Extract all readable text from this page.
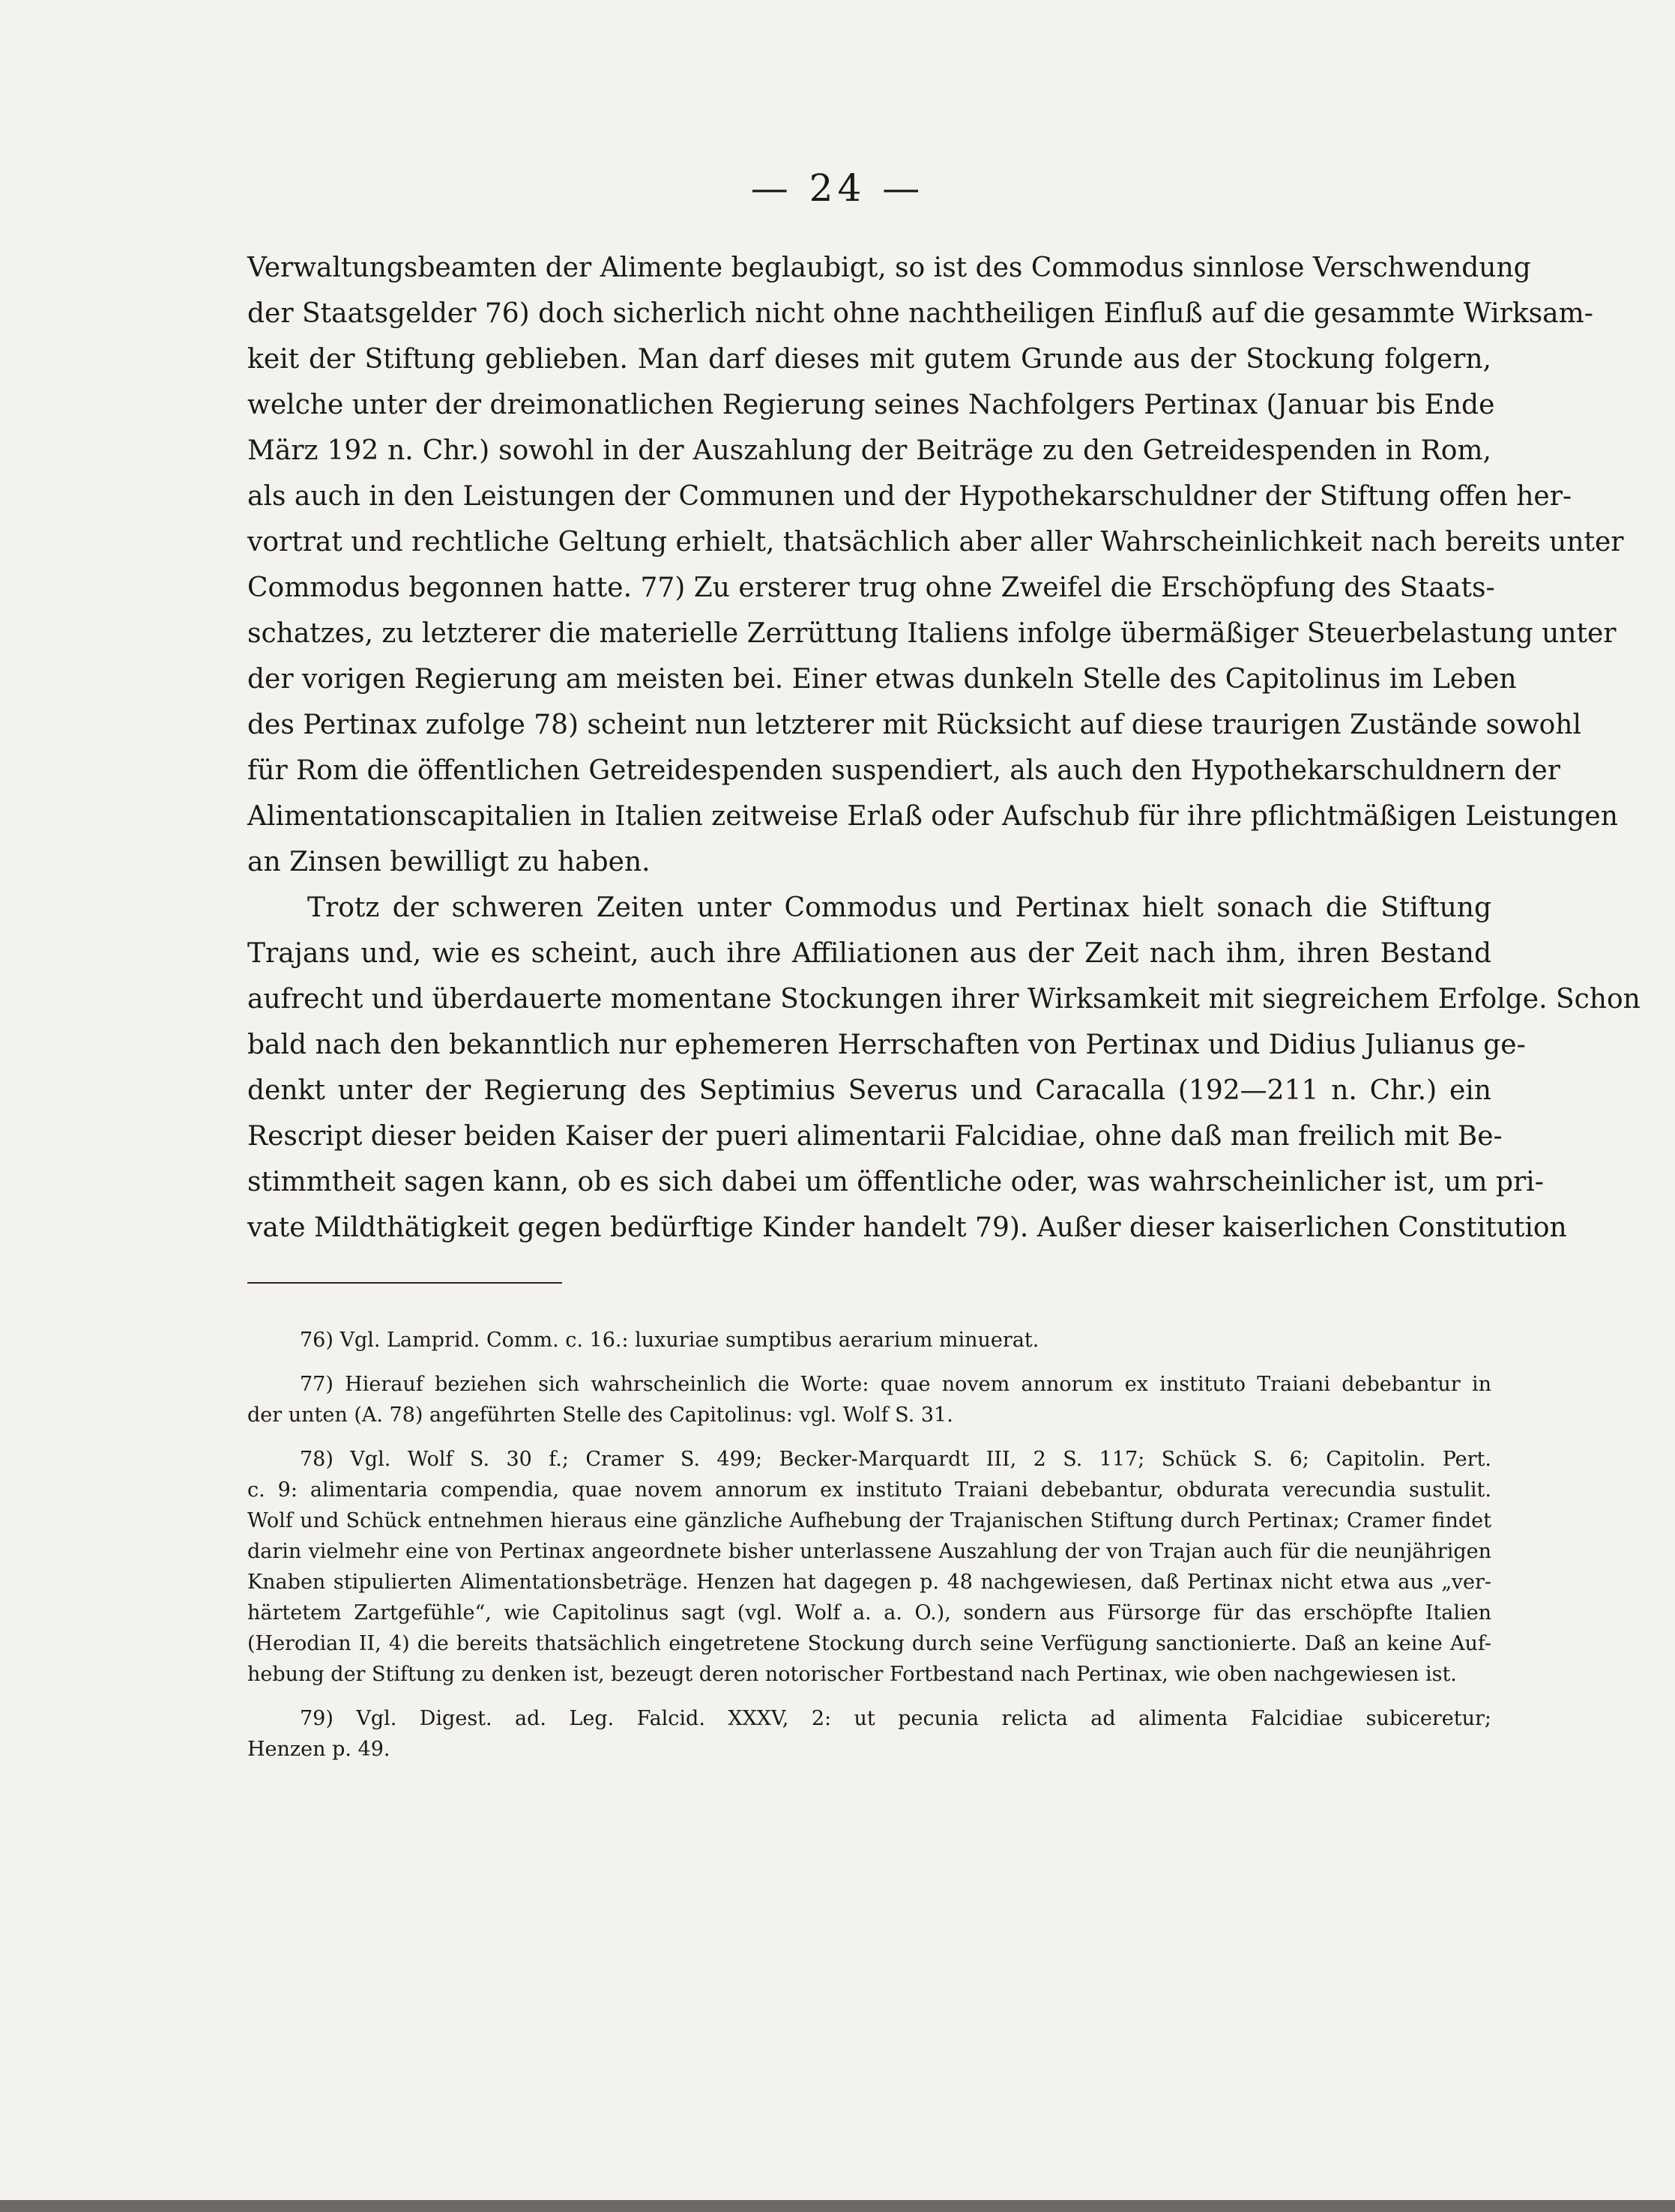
— 24 —
Verwaltungsbeamten der Alimente beglaubigt, so ist des Commodus sinnlose Verschwendung
der Staatsgelder 76) doch sicherlich nicht ohne nachtheiligen Einfluß auf die gesammte Wirksam-
keit der Stiftung geblieben. Man darf dieses mit gutem Grunde aus der Stockung folgern,
welche unter der dreimonatlichen Regierung seines Nachfolgers Pertinax (Januar bis Ende
März 192 n. Chr.) sowohl in der Auszahlung der Beiträge zu den Getreidespenden in Rom,
als auch in den Leistungen der Communen und der Hypothekarschuldner der Stiftung offen her-
vortrat und rechtliche Geltung erhielt, thatsächlich aber aller Wahrscheinlichkeit nach bereits unter
Commodus begonnen hatte. 77) Zu ersterer trug ohne Zweifel die Erschöpfung des Staats-
schatzes, zu letzterer die materielle Zerrüttung Italiens infolge übermäßiger Steuerbelastung unter
der vorigen Regierung am meisten bei. Einer etwas dunkeln Stelle des Capitolinus im Leben
des Pertinax zufolge 78) scheint nun letzterer mit Rücksicht auf diese traurigen Zustände sowohl
für Rom die öffentlichen Getreidespenden suspendiert, als auch den Hypothekarschuldnern der
Alimentationscapitalien in Italien zeitweise Erlaß oder Aufschub für ihre pflichtmäßigen Leistungen
an Zinsen bewilligt zu haben.
Trotz der schweren Zeiten unter Commodus und Pertinax hielt sonach die Stiftung
Trajans und, wie es scheint, auch ihre Affiliationen aus der Zeit nach ihm, ihren Bestand
aufrecht und überdauerte momentane Stockungen ihrer Wirksamkeit mit siegreichem Erfolge. Schon
bald nach den bekanntlich nur ephemeren Herrschaften von Pertinax und Didius Julianus ge-
denkt unter der Regierung des Septimius Severus und Caracalla (192—211 n. Chr.) ein
Rescript dieser beiden Kaiser der pueri alimentarii Falcidiae, ohne daß man freilich mit Be-
stimmtheit sagen kann, ob es sich dabei um öffentliche oder, was wahrscheinlicher ist, um pri-
vate Mildthätigkeit gegen bedürftige Kinder handelt 79). Außer dieser kaiserlichen Constitution
76) Vgl. Lamprid. Comm. c. 16.: luxuriae sumptibus aerarium minuerat.
77) Hierauf beziehen sich wahrscheinlich die Worte: quae novem annorum ex instituto Traiani debebantur in
der unten (A. 78) angeführten Stelle des Capitolinus: vgl. Wolf S. 31.
78) Vgl. Wolf S. 30 f.; Cramer S. 499; Becker-Marquardt III, 2 S. 117; Schück S. 6; Capitolin. Pert.
c. 9: alimentaria compendia, quae novem annorum ex instituto Traiani debebantur, obdurata verecundia sustulit.
Wolf und Schück entnehmen hieraus eine gänzliche Aufhebung der Trajanischen Stiftung durch Pertinax; Cramer findet
darin vielmehr eine von Pertinax angeordnete bisher unterlassene Auszahlung der von Trajan auch für die neunjährigen
Knaben stipulierten Alimentationsbeträge. Henzen hat dagegen p. 48 nachgewiesen, daß Pertinax nicht etwa aus „ver-
härtetem Zartgefühle“, wie Capitolinus sagt (vgl. Wolf a. a. O.), sondern aus Fürsorge für das erschöpfte Italien
(Herodian II, 4) die bereits thatsächlich eingetretene Stockung durch seine Verfügung sanctionierte. Daß an keine Auf-
hebung der Stiftung zu denken ist, bezeugt deren notorischer Fortbestand nach Pertinax, wie oben nachgewiesen ist.
79) Vgl. Digest. ad. Leg. Falcid. XXXV, 2: ut pecunia relicta ad alimenta Falcidiae subiceretur;
Henzen p. 49.
